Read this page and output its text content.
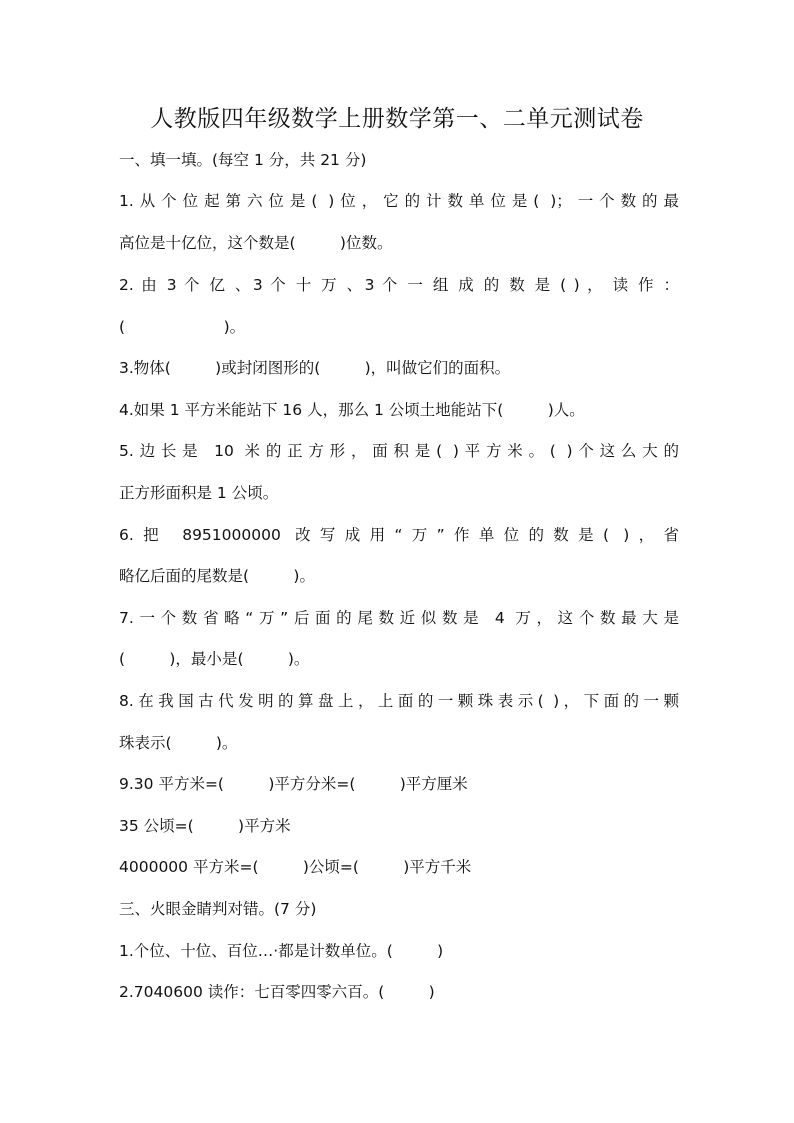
人教版四年级数学上册数学第一、二单元测试卷
一、填一填。(每空 1 分，共 21 分)
1.从个位起第六位是( )位，它的计数单位是( )；一个数的最
高位是十亿位，这个数是(         )位数。
2. 由 3 个 亿 、3 个 十 万 、3 个 一 组 成 的 数 是 ( ) ， 读 作 ：
(                    )。
3.物体(         )或封闭图形的(         )，叫做它们的面积。
4.如果 1 平方米能站下 16 人，那么 1 公顷土地能站下(         )人。
5.边长是 10 米的正方形，面积是( )平方米。( )个这么大的
正方形面积是 1 公顷。
6.把 8951000000 改写成用“万”作单位的数是( )，省
略亿后面的尾数是(         )。
7.一个数省略“万”后面的尾数近似数是 4 万，这个数最大是
(         )，最小是(         )。
8.在我国古代发明的算盘上，上面的一颗珠表示( )，下面的一颗
珠表示(         )。
9.30 平方米=(         )平方分米=(         )平方厘米
35 公顷=(         )平方米
4000000 平方米=(         )公顷=(         )平方千米
三、火眼金睛判对错。(7 分)
1.个位、十位、百位…·都是计数单位。(         )
2.7040600 读作：七百零四零六百。(         )
